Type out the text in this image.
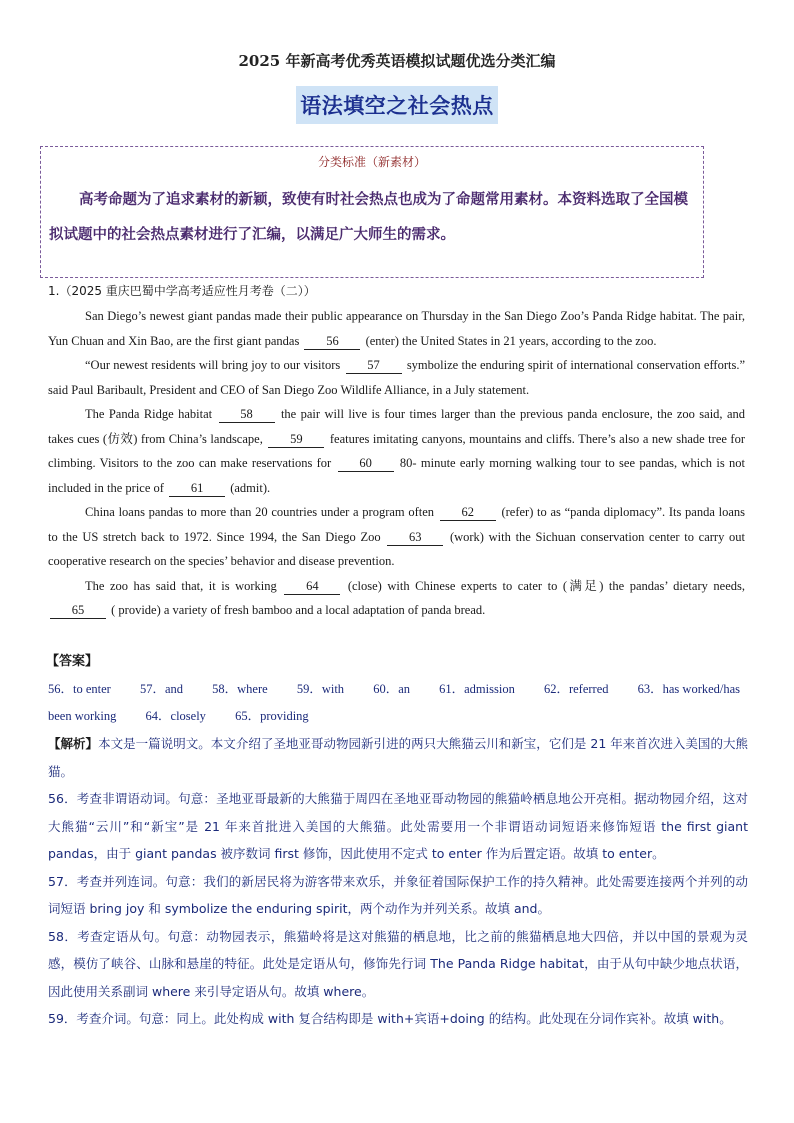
2025 年新高考优秀英语模拟试题优选分类汇编
语法填空之社会热点
分类标准（新素材）
高考命题为了追求素材的新颖，致使有时社会热点也成为了命题常用素材。本资料选取了全国模拟试题中的社会热点素材进行了汇编，以满足广大师生的需求。
1.（2025 重庆巴蜀中学高考适应性月考卷（二））

San Diego’s newest giant pandas made their public appearance on Thursday in the San Diego Zoo’s Panda Ridge habitat. The pair, Yun Chuan and Xin Bao, are the first giant pandas 56 (enter) the United States in 21 years, according to the zoo.

“Our newest residents will bring joy to our visitors 57 symbolize the enduring spirit of international conservation efforts.” said Paul Baribault, President and CEO of San Diego Zoo Wildlife Alliance, in a July statement.

The Panda Ridge habitat 58 the pair will live is four times larger than the previous panda enclosure, the zoo said, and takes cues (仿效) from China’s landscape, 59 features imitating canyons, mountains and cliffs. There’s also a new shade tree for climbing. Visitors to the zoo can make reservations for 60 80- minute early morning walking tour to see pandas, which is not included in the price of 61 (admit).

China loans pandas to more than 20 countries under a program often 62 (refer) to as “panda diplomacy”. Its panda loans to the US stretch back to 1972. Since 1994, the San Diego Zoo 63 (work) with the Sichuan conservation center to carry out cooperative research on the species’ behavior and disease prevention.

The zoo has said that, it is working 64 (close) with Chinese experts to cater to (满足) the pandas’ dietary needs, 65 ( provide) a variety of fresh bamboo and a local adaptation of panda bread.

【答案】
56．to enter 57．and 58．where 59．with 60．an 61．admission 62．referred 63．has worked/has been working 64．closely 65．providing

【解析】本文是一篇说明文。本文介绍了圣地亚哥动物园新引进的两只大熊猫云川和新宝，它们是 21 年来首次进入美国的大熊猫。

56．考查非谓语动词。句意：圣地亚哥最新的大熊猫于周四在圣地亚哥动物园的熊猫岭栖息地公开亮相。据动物园介绍，这对大熊猫“云川”和“新宝”是 21 年来首批进入美国的大熊猫。此处需要用一个非谓语动词短语来修饰短语 the first giant pandas，由于 giant pandas 被序数词 first 修饰，因此使用不定式 to enter 作为后置定语。故填 to enter。

57．考查并列连词。句意：我们的新居民将为游客带来欢乐，并象征着国际保护工作的持久精神。此处需要连接两个并列的动词短语 bring joy 和 symbolize the enduring spirit，两个动作为并列关系。故填 and。

58．考查定语从句。句意：动物园表示，熊猫岭将是这对熊猫的栖息地，比之前的熊猫栖息地大四倍，并以中国的景观为灵感，模仿了峡谷、山脉和悬崖的特征。此处是定语从句，修饰先行词 The Panda Ridge habitat，由于从句中缺少地点状语，因此使用关系副词 where 来引导定语从句。故填 where。

59．考查介词。句意：同上。此处构成 with 复合结构即是 with+宾语+doing 的结构。此处现在分词作宾补。故填 with。
